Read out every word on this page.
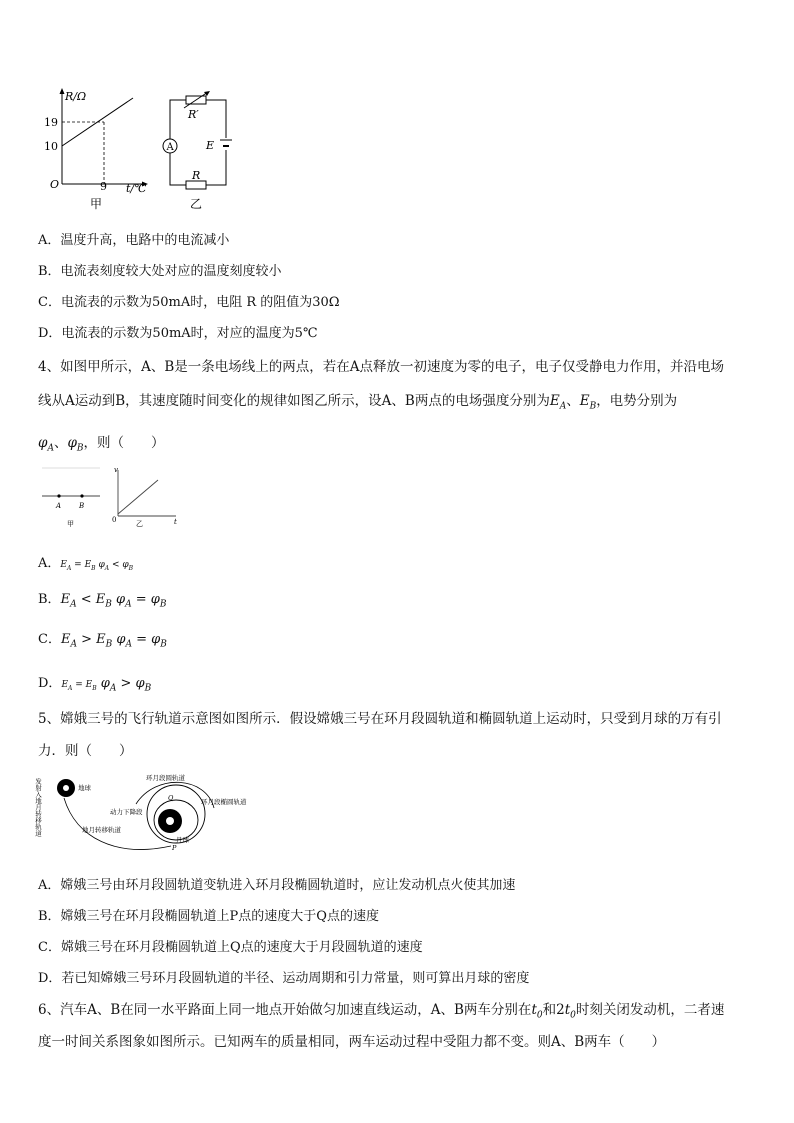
R/Ω
19
10
O	9 t/℃
甲
R′
A	E
R
乙
A．温度升高，电路中的电流减小
B．电流表刻度较大处对应的温度刻度较小
C．电流表的示数为50mA时，电阻 R 的阻值为30Ω
D．电流表的示数为50mA时，对应的温度为5℃
4、如图甲所示，A、B是一条电场线上的两点，若在A点释放一初速度为零的电子，电子仅受静电力作用，并沿电场
线从A运动到B，其速度随时间变化的规律如图乙所示，设A、B两点的电场强度分别为$E_A$、$E_B$，电势分别为
$\varphi_A$、$\varphi_B$，则（　　）
A	B
甲
v
0	t
乙
A．$E_A = E_B$ $\varphi_A < \varphi_B$
B．$E_A < E_B$ $\varphi_A = \varphi_B$
C．$E_A > E_B$ $\varphi_A = \varphi_B$
D．$E_A = E_B$ $\varphi_A > \varphi_B$
5、嫦娥三号的飞行轨道示意图如图所示．假设嫦娥三号在环月段圆轨道和椭圆轨道上运动时，只受到月球的万有引
力．则（　　）
发射入地月转移轨道	地球
环月段圆轨道
环月段椭圆轨道
动力下降段
地月转移轨道
月球
Q
P
A．嫦娥三号由环月段圆轨道变轨进入环月段椭圆轨道时，应让发动机点火使其加速
B．嫦娥三号在环月段椭圆轨道上P点的速度大于Q点的速度
C．嫦娥三号在环月段椭圆轨道上Q点的速度大于月段圆轨道的速度
D．若已知嫦娥三号环月段圆轨道的半径、运动周期和引力常量，则可算出月球的密度
6、汽车A、B在同一水平路面上同一地点开始做匀加速直线运动，A、B两车分别在$t_0$和$2t_0$时刻关闭发动机，二者速
度一时间关系图象如图所示。已知两车的质量相同，两车运动过程中受阻力都不变。则A、B两车（　　）
